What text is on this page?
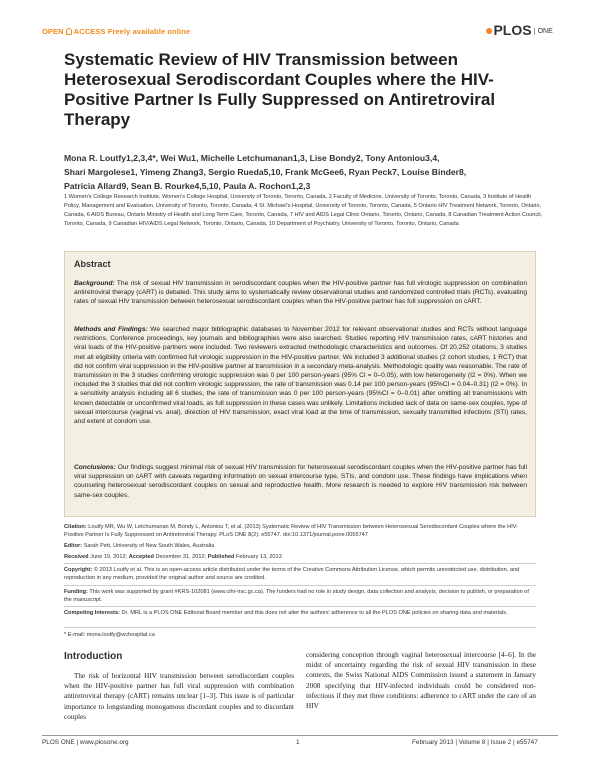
OPEN ACCESS Freely available online	●PLOS ONE
Systematic Review of HIV Transmission between Heterosexual Serodiscordant Couples where the HIV-Positive Partner Is Fully Suppressed on Antiretroviral Therapy
Mona R. Loutfy1,2,3,4*, Wei Wu1, Michelle Letchumanan1,3, Lise Bondy2, Tony Antoniou3,4,
Shari Margolese1, Yimeng Zhang3, Sergio Rueda5,10, Frank McGee6, Ryan Peck7, Louise Binder8,
Patricia Allard9, Sean B. Rourke4,5,10, Paula A. Rochon1,2,3
1 Women's College Research Institute, Women's College Hospital, University of Toronto, Toronto, Canada, 2 Faculty of Medicine, University of Toronto, Toronto, Canada, 3 Institute of Health Policy, Management and Evaluation, University of Toronto, Toronto, Canada, 4 St. Michael's Hospital, University of Toronto, Toronto, Canada, 5 Ontario HIV Treatment Network, Toronto, Ontario, Canada, 6 AIDS Bureau, Ontario Ministry of Health and Long Term Care, Toronto, Canada, 7 HIV and AIDS Legal Clinic Ontario, Toronto, Ontario, Canada, 8 Canadian Treatment Action Council, Toronto, Canada, 9 Canadian HIV/AIDS Legal Network, Toronto, Ontario, Canada, 10 Department of Psychiatry, University of Toronto, Toronto, Ontario, Canada
Abstract
Background: The risk of sexual HIV transmission in serodiscordant couples when the HIV-positive partner has full virologic suppression on combination antiretroviral therapy (cART) is debated. This study aims to systematically review observational studies and randomized controlled trials (RCTs), evaluating rates of sexual HIV transmission between heterosexual serodiscordant couples when the HIV-positive partner has full suppression on cART.
Methods and Findings: We searched major bibliographic databases to November 2012 for relevant observational studies and RCTs without language restrictions. Conference proceedings, key journals and bibliographies were also searched. Studies reporting HIV transmission rates, cART histories and viral loads of the HIV-positive partners were included. Two reviewers extracted methodologic characteristics and outcomes. Of 20,252 citations, 3 studies met all eligibility criteria with confirmed full virologic suppression in the HIV-positive partner. We included 3 additional studies (2 cohort studies, 1 RCT) that did not confirm viral suppression in the HIV-positive partner at transmission in a secondary meta-analysis. Methodologic quality was reasonable. The rate of transmission in the 3 studies confirming virologic suppression was 0 per 100 person-years (95% CI = 0–0.05), with low heterogeneity (I2 = 0%). When we included the 3 studies that did not confirm virologic suppression, the rate of transmission was 0.14 per 100 person-years (95%CI = 0.04–0.31) (I2 = 0%). In a sensitivity analysis including all 6 studies, the rate of transmission was 0 per 100 person-years (95%CI = 0–0.01) after omitting all transmissions with known detectable or unconfirmed viral loads, as full suppression in these cases was unlikely. Limitations included lack of data on same-sex couples, type of sexual intercourse (vaginal vs. anal), direction of HIV transmission, exact viral load at the time of transmission, sexually transmitted infections (STI) rates, and extent of condom use.
Conclusions: Our findings suggest minimal risk of sexual HIV transmission for heterosexual serodiscordant couples when the HIV-positive partner has full viral suppression on cART with caveats regarding information on sexual intercourse type, STIs, and condom use. These findings have implications when counseling heterosexual serodiscordant couples on sexual and reproductive health. More research is needed to explore HIV transmission risk between same-sex couples.
Citation: Loutfy MR, Wu W, Letchumanan M, Bondy L, Antoniou T, et al. (2013) Systematic Review of HIV Transmission between Heterosexual Serodiscordant Couples where the HIV-Positive Partner Is Fully Suppressed on Antiretroviral Therapy. PLoS ONE 8(2): e55747. doi:10.1371/journal.pone.0055747
Editor: Sarah Pett, University of New South Wales, Australia
Received June 19, 2012; Accepted December 31, 2012; Published February 13, 2013
Copyright: © 2013 Loutfy et al. This is an open-access article distributed under the terms of the Creative Commons Attribution License, which permits unrestricted use, distribution, and reproduction in any medium, provided the original author and source are credited.
Funding: This work was supported by grant #KRS-102081 (www.cihr-irsc.gc.ca). The funders had no role in study design, data collection and analysis, decision to publish, or preparation of the manuscript.
Competing Interests: Dr. MRL is a PLOS ONE Editorial Board member and this does not alter the authors' adherence to all the PLOS ONE policies on sharing data and materials.
* E-mail: mona.loutfy@wchospital.ca
Introduction
The risk of horizontal HIV transmission between serodiscordant couples when the HIV-positive partner has full viral suppression with combination antiretroviral therapy (cART) remains unclear [1–3]. This issue is of particular importance to longstanding monogamous discordant couples and to discordant couples
considering conception through vaginal heterosexual intercourse [4–6]. In the midst of uncertainty regarding the risk of sexual HIV transmission in these contexts, the Swiss National AIDS Commission issued a statement in January 2008 specifying that HIV-infected individuals could be considered non-infectious if they met three conditions: adherence to cART under the care of an HIV
PLOS ONE | www.plosone.org	1	February 2013 | Volume 8 | Issue 2 | e55747
